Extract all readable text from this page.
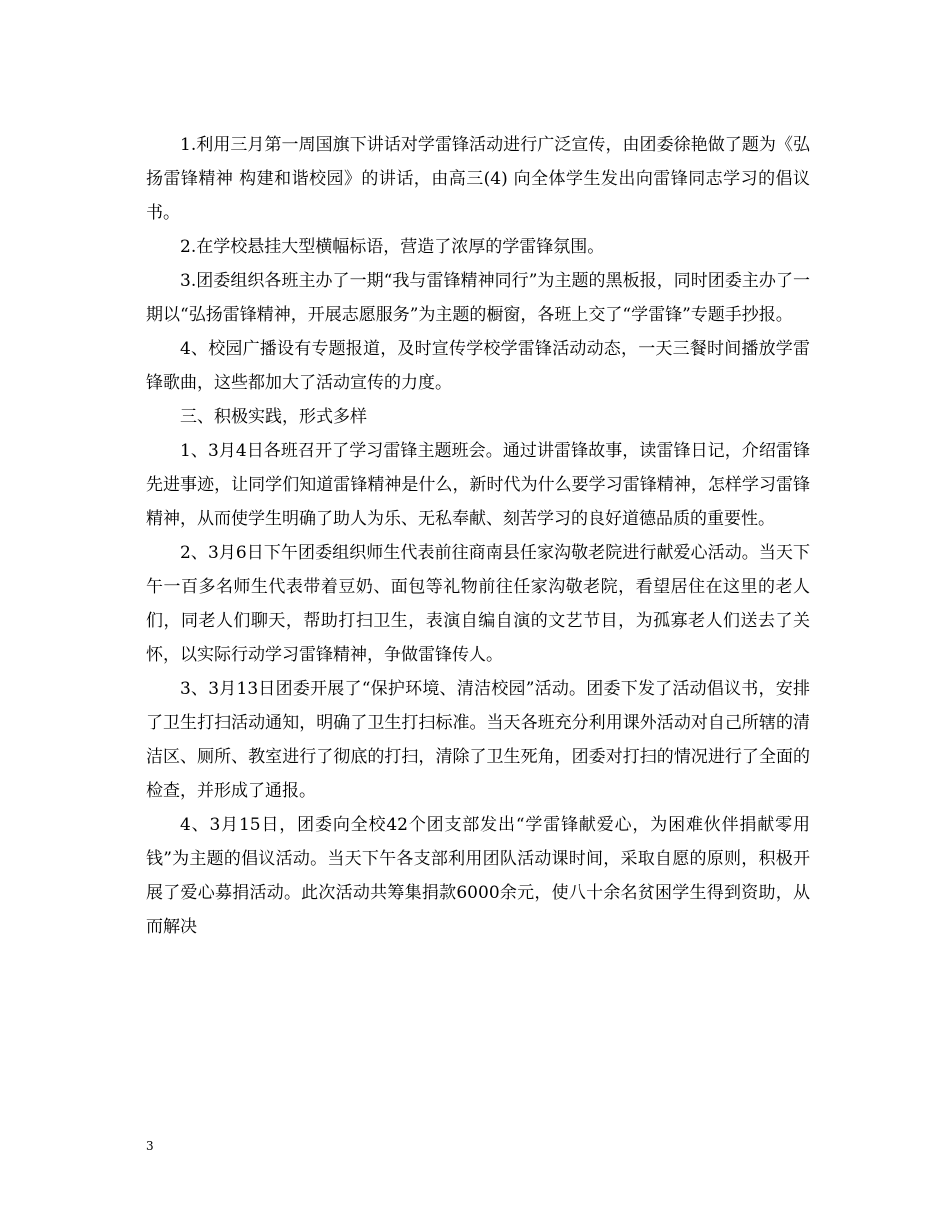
1.利用三月第一周国旗下讲话对学雷锋活动进行广泛宣传，由团委徐艳做了题为《弘扬雷锋精神 构建和谐校园》的讲话，由高三(4) 向全体学生发出向雷锋同志学习的倡议书。

2.在学校悬挂大型横幅标语，营造了浓厚的学雷锋氛围。

3.团委组织各班主办了一期“我与雷锋精神同行”为主题的黑板报，同时团委主办了一期以“弘扬雷锋精神，开展志愿服务”为主题的橱窗，各班上交了“学雷锋”专题手抄报。

4、校园广播设有专题报道，及时宣传学校学雷锋活动动态，一天三餐时间播放学雷锋歌曲，这些都加大了活动宣传的力度。

三、积极实践，形式多样

1、3月4日各班召开了学习雷锋主题班会。通过讲雷锋故事，读雷锋日记，介绍雷锋先进事迹，让同学们知道雷锋精神是什么，新时代为什么要学习雷锋精神，怎样学习雷锋精神，从而使学生明确了助人为乐、无私奉献、刻苦学习的良好道德品质的重要性。

2、3月6日下午团委组织师生代表前往商南县任家沟敬老院进行献爱心活动。当天下午一百多名师生代表带着豆奶、面包等礼物前往任家沟敬老院，看望居住在这里的老人们，同老人们聊天，帮助打扫卫生，表演自编自演的文艺节目，为孤寡老人们送去了关怀，以实际行动学习雷锋精神，争做雷锋传人。

3、3月13日团委开展了“保护环境、清洁校园”活动。团委下发了活动倡议书，安排了卫生打扫活动通知，明确了卫生打扫标准。当天各班充分利用课外活动对自己所辖的清洁区、厕所、教室进行了彻底的打扫，清除了卫生死角，团委对打扫的情况进行了全面的检查，并形成了通报。

4、3月15日，团委向全校42个团支部发出“学雷锋献爱心，为困难伙伴捐献零用钱”为主题的倡议活动。当天下午各支部利用团队活动课时间，采取自愿的原则，积极开展了爱心募捐活动。此次活动共筹集捐款6000余元，使八十余名贫困学生得到资助，从而解决

3
